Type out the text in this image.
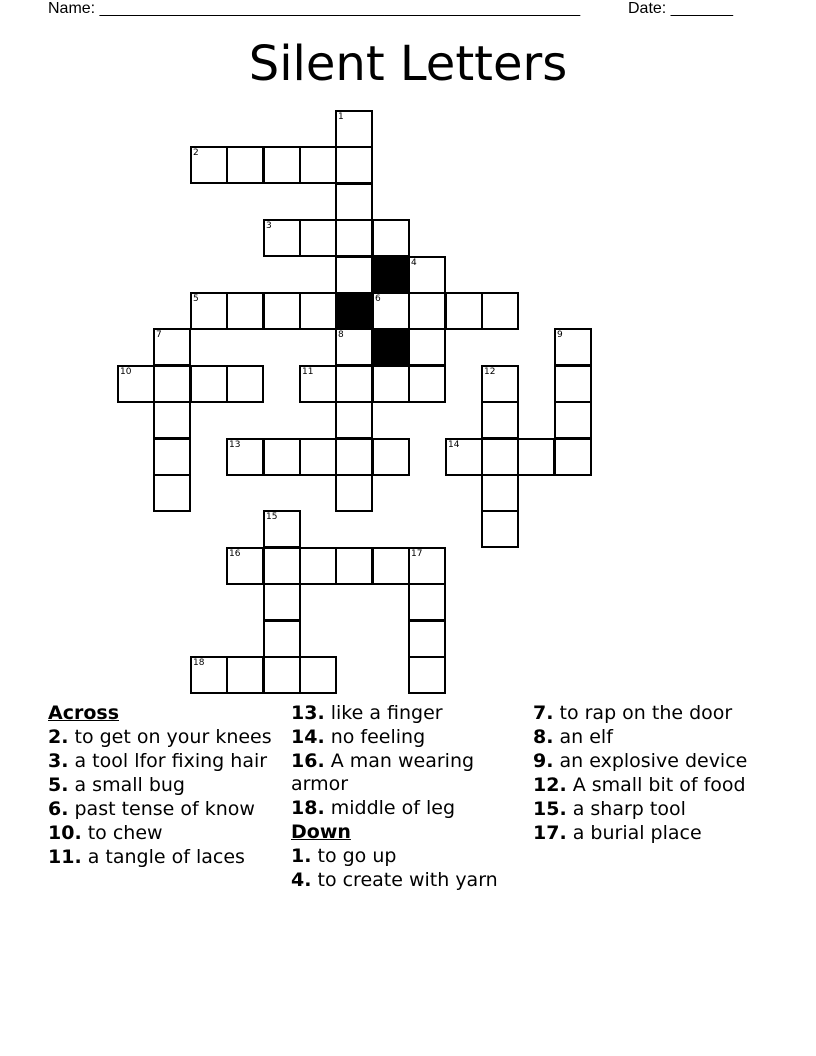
Name: ______________________________________________________	Date: _______
Silent Letters
1
2
3
4
5	6
7	8	9
10	11	12
13	14
15
16	17
18
Across
2. to get on your knees
3. a tool lfor fixing hair
5. a small bug
6. past tense of know
10. to chew
11. a tangle of laces
13. like a finger
14. no feeling
16. A man wearing armor
18. middle of leg
Down
1. to go up
4. to create with yarn
7. to rap on the door
8. an elf
9. an explosive device
12. A small bit of food
15. a sharp tool
17. a burial place
